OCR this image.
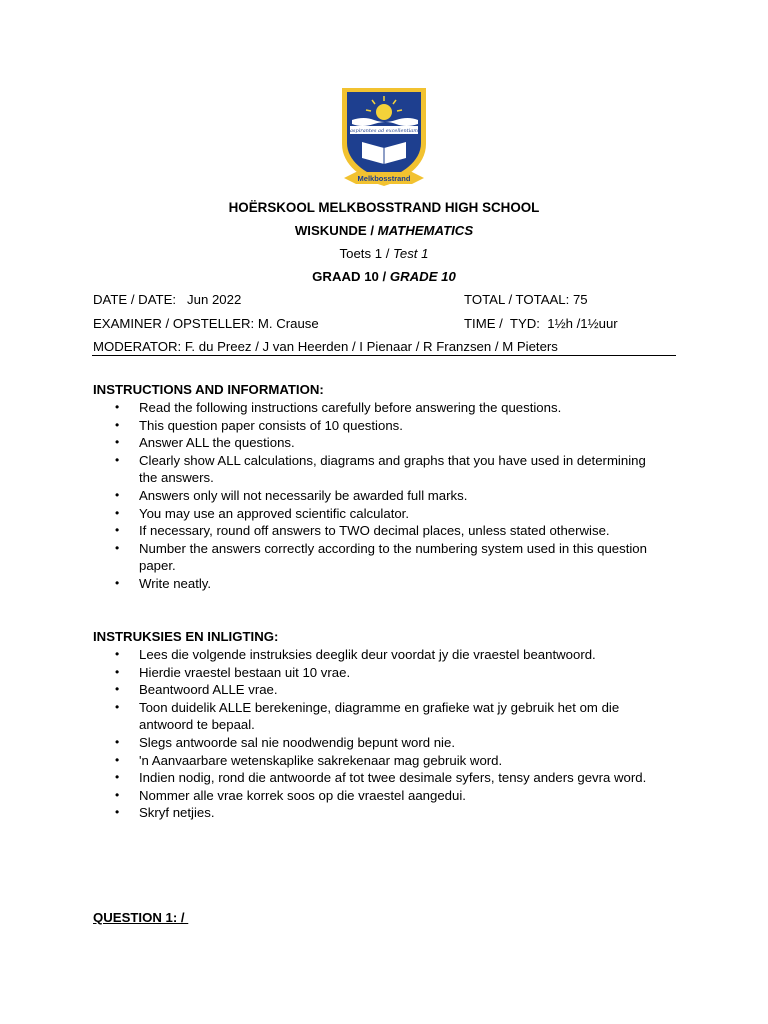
aspirantes ad excellentiam
Melkbosstrand
HOËRSKOOL MELKBOSSTRAND HIGH SCHOOL
WISKUNDE / MATHEMATICS
Toets 1 / Test 1
GRAAD 10 / GRADE 10
DATE / DATE:   Jun 2022	TOTAL / TOTAAL: 75
EXAMINER / OPSTELLER: M. Crause	TIME /  TYD:  1½h /1½uur
MODERATOR: F. du Preez / J van Heerden / I Pienaar / R Franzsen / M Pieters
INSTRUCTIONS AND INFORMATION:
• Read the following instructions carefully before answering the questions.
• This question paper consists of 10 questions.
• Answer ALL the questions.
• Clearly show ALL calculations, diagrams and graphs that you have used in determining the answers.
• Answers only will not necessarily be awarded full marks.
• You may use an approved scientific calculator.
• If necessary, round off answers to TWO decimal places, unless stated otherwise.
• Number the answers correctly according to the numbering system used in this question paper.
• Write neatly.
INSTRUKSIES EN INLIGTING:
• Lees die volgende instruksies deeglik deur voordat jy die vraestel beantwoord.
• Hierdie vraestel bestaan uit 10 vrae.
• Beantwoord ALLE vrae.
• Toon duidelik ALLE berekeninge, diagramme en grafieke wat jy gebruik het om die antwoord te bepaal.
• Slegs antwoorde sal nie noodwendig bepunt word nie.
• 'n Aanvaarbare wetenskaplike sakrekenaar mag gebruik word.
• Indien nodig, rond die antwoorde af tot twee desimale syfers, tensy anders gevra word.
• Nommer alle vrae korrek soos op die vraestel aangedui.
• Skryf netjies.
QUESTION 1: /
